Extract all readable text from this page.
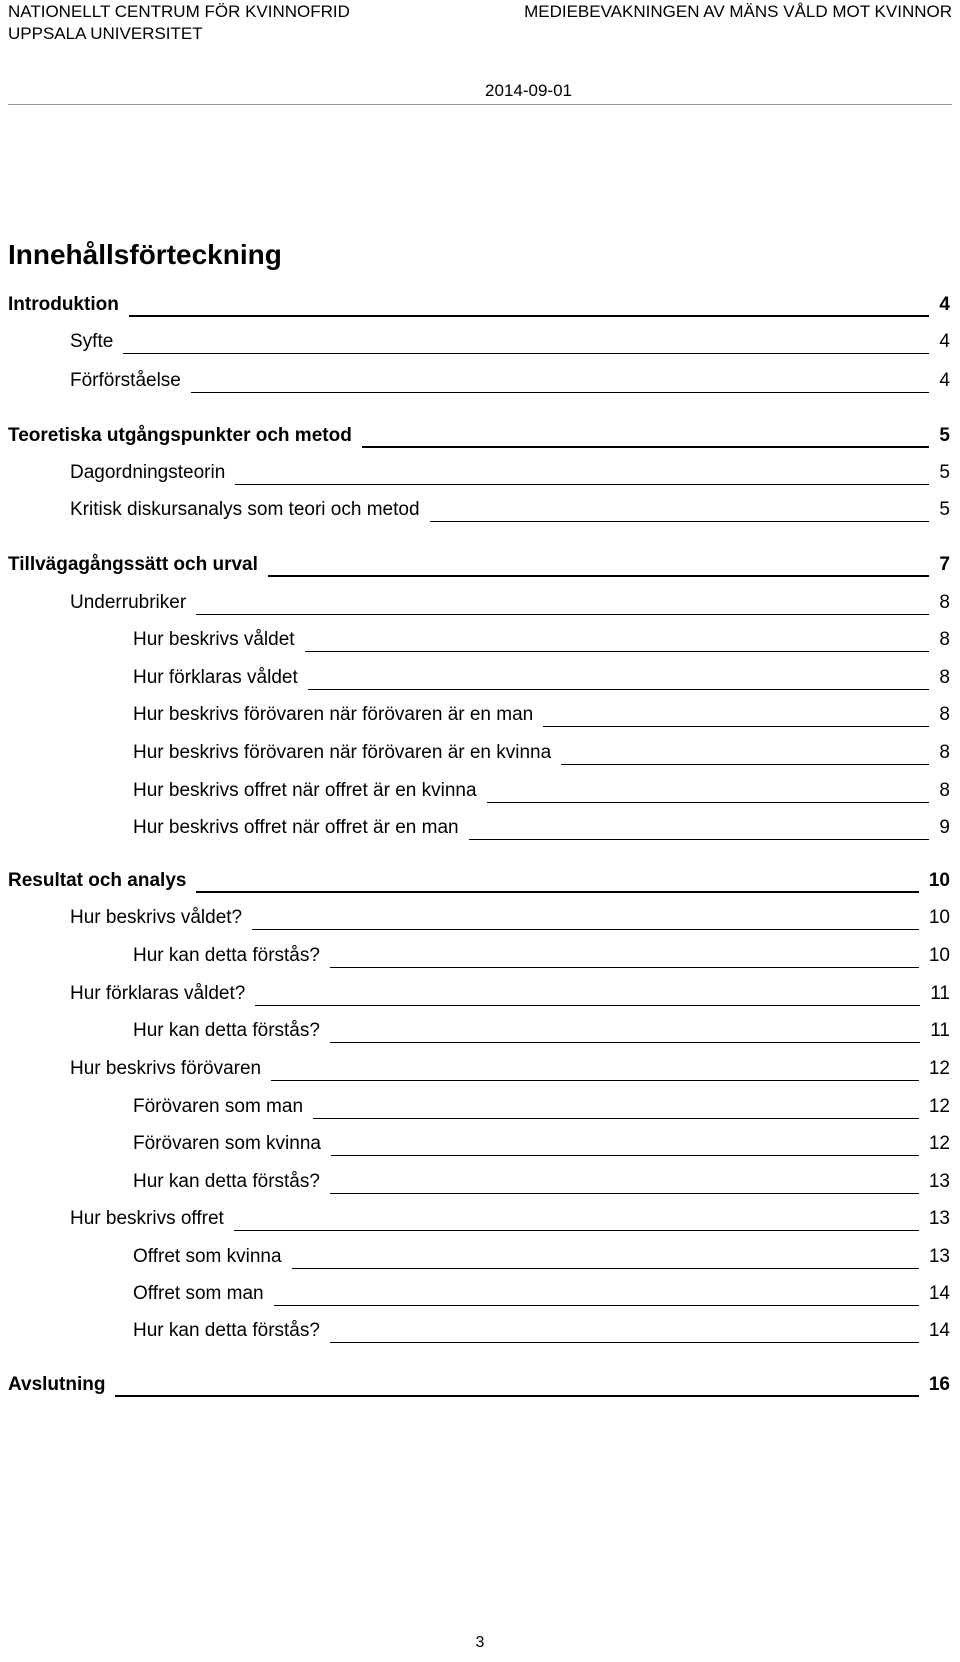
NATIONELLT CENTRUM FÖR KVINNOFRID
UPPSALA UNIVERSITET
MEDIEBEVAKNINGEN AV MÄNS VÅLD MOT KVINNOR
2014-09-01
Innehållsförteckning
Introduktion	4
Syfte	4
Förförståelse	4
Teoretiska utgångspunkter och metod	5
Dagordningsteorin	5
Kritisk diskursanalys som teori och metod	5
Tillvägagångssätt och urval	7
Underrubriker	8
Hur beskrivs våldet	8
Hur förklaras våldet	8
Hur beskrivs förövaren när förövaren är en man	8
Hur beskrivs förövaren när förövaren är en kvinna	8
Hur beskrivs offret när offret är en kvinna	8
Hur beskrivs offret när offret är en man	9
Resultat och analys	10
Hur beskrivs våldet?	10
Hur kan detta förstås?	10
Hur förklaras våldet?	11
Hur kan detta förstås?	11
Hur beskrivs förövaren	12
Förövaren som man	12
Förövaren som kvinna	12
Hur kan detta förstås?	13
Hur beskrivs offret	13
Offret som kvinna	13
Offret som man	14
Hur kan detta förstås?	14
Avslutning	16
3
